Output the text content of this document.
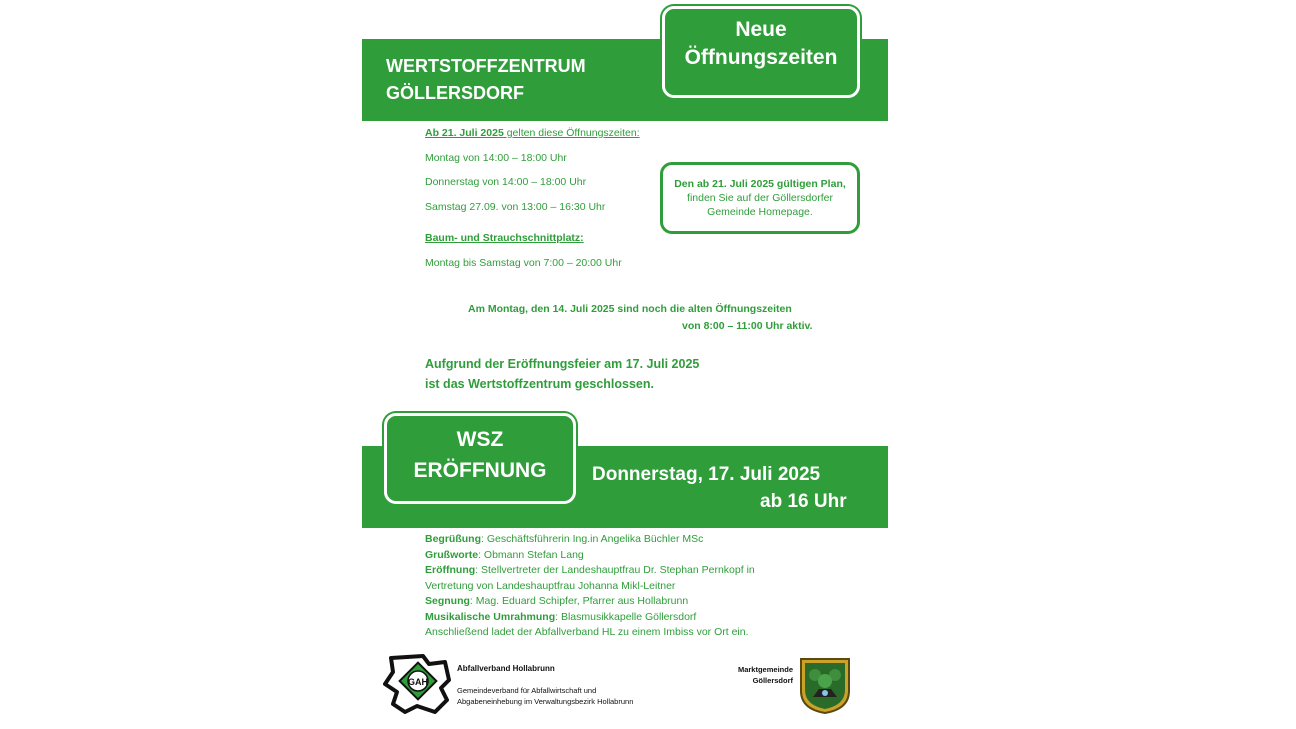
WERTSTOFFZENTRUM
GÖLLERSDORF
Neue
Öffnungszeiten
Ab 21. Juli 2025 gelten diese Öffnungszeiten:
Montag von 14:00 – 18:00 Uhr
Donnerstag von 14:00 – 18:00 Uhr
Samstag 27.09. von 13:00 – 16:30 Uhr
Baum- und Strauchschnittplatz:
Montag bis Samstag von 7:00 – 20:00 Uhr
Den ab 21. Juli 2025 gültigen Plan,
finden Sie auf der Göllersdorfer
Gemeinde Homepage.
Am Montag, den 14. Juli 2025 sind noch die alten Öffnungszeiten
von 8:00 – 11:00 Uhr aktiv.
Aufgrund der Eröffnungsfeier am 17. Juli 2025
ist das Wertstoffzentrum geschlossen.
WSZ
ERÖFFNUNG	Donnerstag, 17. Juli 2025
ab 16 Uhr
Begrüßung: Geschäftsführerin Ing.in Angelika Büchler MSc
Grußworte: Obmann Stefan Lang
Eröffnung: Stellvertreter der Landeshauptfrau Dr. Stephan Pernkopf in
Vertretung von Landeshauptfrau Johanna Mikl-Leitner
Segnung: Mag. Eduard Schipfer, Pfarrer aus Hollabrunn
Musikalische Umrahmung: Blasmusikkapelle Göllersdorf
Anschließend ladet der Abfallverband HL zu einem Imbiss vor Ort ein.
GAH
Abfallverband Hollabrunn
Gemeindeverband für Abfallwirtschaft und
Abgabeneinhebung im Verwaltungsbezirk Hollabrunn
Marktgemeinde
Göllersdorf
